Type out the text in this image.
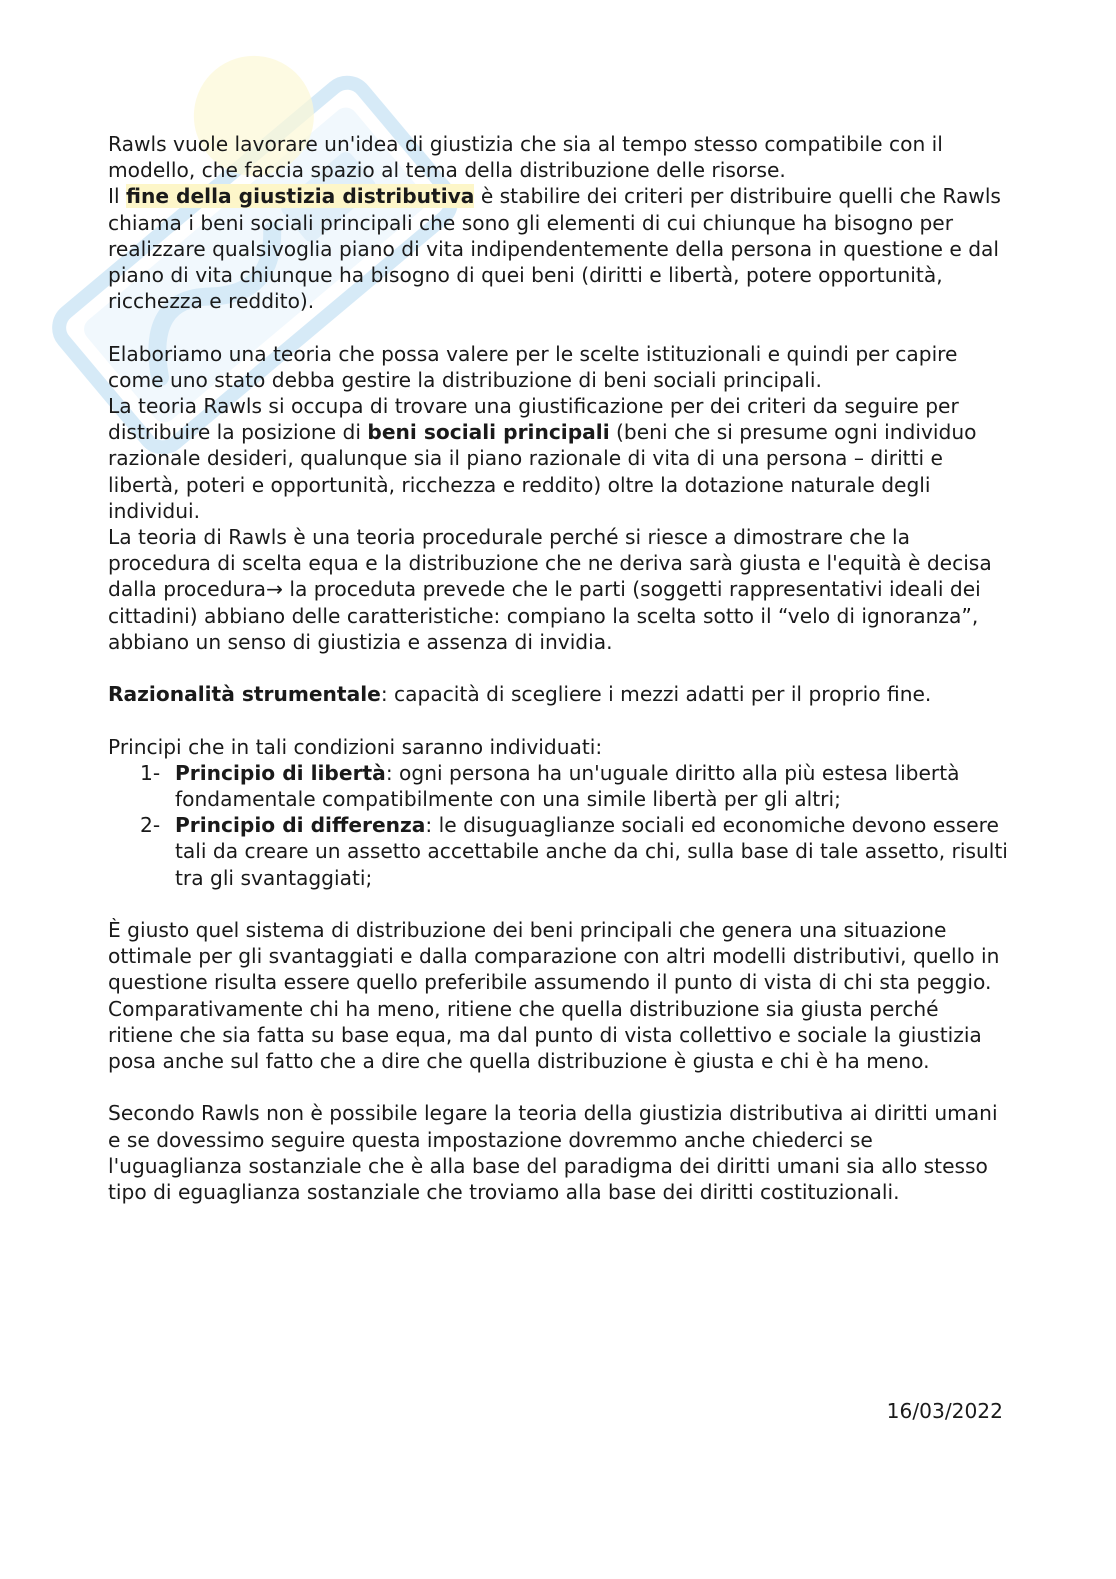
Rawls vuole lavorare un'idea di giustizia che sia al tempo stesso compatibile con il modello, che faccia spazio al tema della distribuzione delle risorse.

Il fine della giustizia distributiva è stabilire dei criteri per distribuire quelli che Rawls chiama i beni sociali principali che sono gli elementi di cui chiunque ha bisogno per realizzare qualsivoglia piano di vita indipendentemente della persona in questione e dal piano di vita chiunque ha bisogno di quei beni (diritti e libertà, potere opportunità, ricchezza e reddito).

Elaboriamo una teoria che possa valere per le scelte istituzionali e quindi per capire come uno stato debba gestire la distribuzione di beni sociali principali.

La teoria Rawls si occupa di trovare una giustificazione per dei criteri da seguire per distribuire la posizione di beni sociali principali (beni che si presume ogni individuo razionale desideri, qualunque sia il piano razionale di vita di una persona – diritti e libertà, poteri e opportunità, ricchezza e reddito) oltre la dotazione naturale degli individui.

La teoria di Rawls è una teoria procedurale perché si riesce a dimostrare che la procedura di scelta equa e la distribuzione che ne deriva sarà giusta e l'equità è decisa dalla procedura→ la proceduta prevede che le parti (soggetti rappresentativi ideali dei cittadini) abbiano delle caratteristiche: compiano la scelta sotto il “velo di ignoranza”, abbiano un senso di giustizia e assenza di invidia.

Razionalità strumentale: capacità di scegliere i mezzi adatti per il proprio fine.

Principi che in tali condizioni saranno individuati:

1- Principio di libertà: ogni persona ha un'uguale diritto alla più estesa libertà fondamentale compatibilmente con una simile libertà per gli altri;
2- Principio di differenza: le disuguaglianze sociali ed economiche devono essere tali da creare un assetto accettabile anche da chi, sulla base di tale assetto, risulti tra gli svantaggiati;

È giusto quel sistema di distribuzione dei beni principali che genera una situazione ottimale per gli svantaggiati e dalla comparazione con altri modelli distributivi, quello in questione risulta essere quello preferibile assumendo il punto di vista di chi sta peggio.

Comparativamente chi ha meno, ritiene che quella distribuzione sia giusta perché ritiene che sia fatta su base equa, ma dal punto di vista collettivo e sociale la giustizia posa anche sul fatto che a dire che quella distribuzione è giusta e chi è ha meno.

Secondo Rawls non è possibile legare la teoria della giustizia distributiva ai diritti umani e se dovessimo seguire questa impostazione dovremmo anche chiederci se l'uguaglianza sostanziale che è alla base del paradigma dei diritti umani sia allo stesso tipo di eguaglianza sostanziale che troviamo alla base dei diritti costituzionali.

16/03/2022
